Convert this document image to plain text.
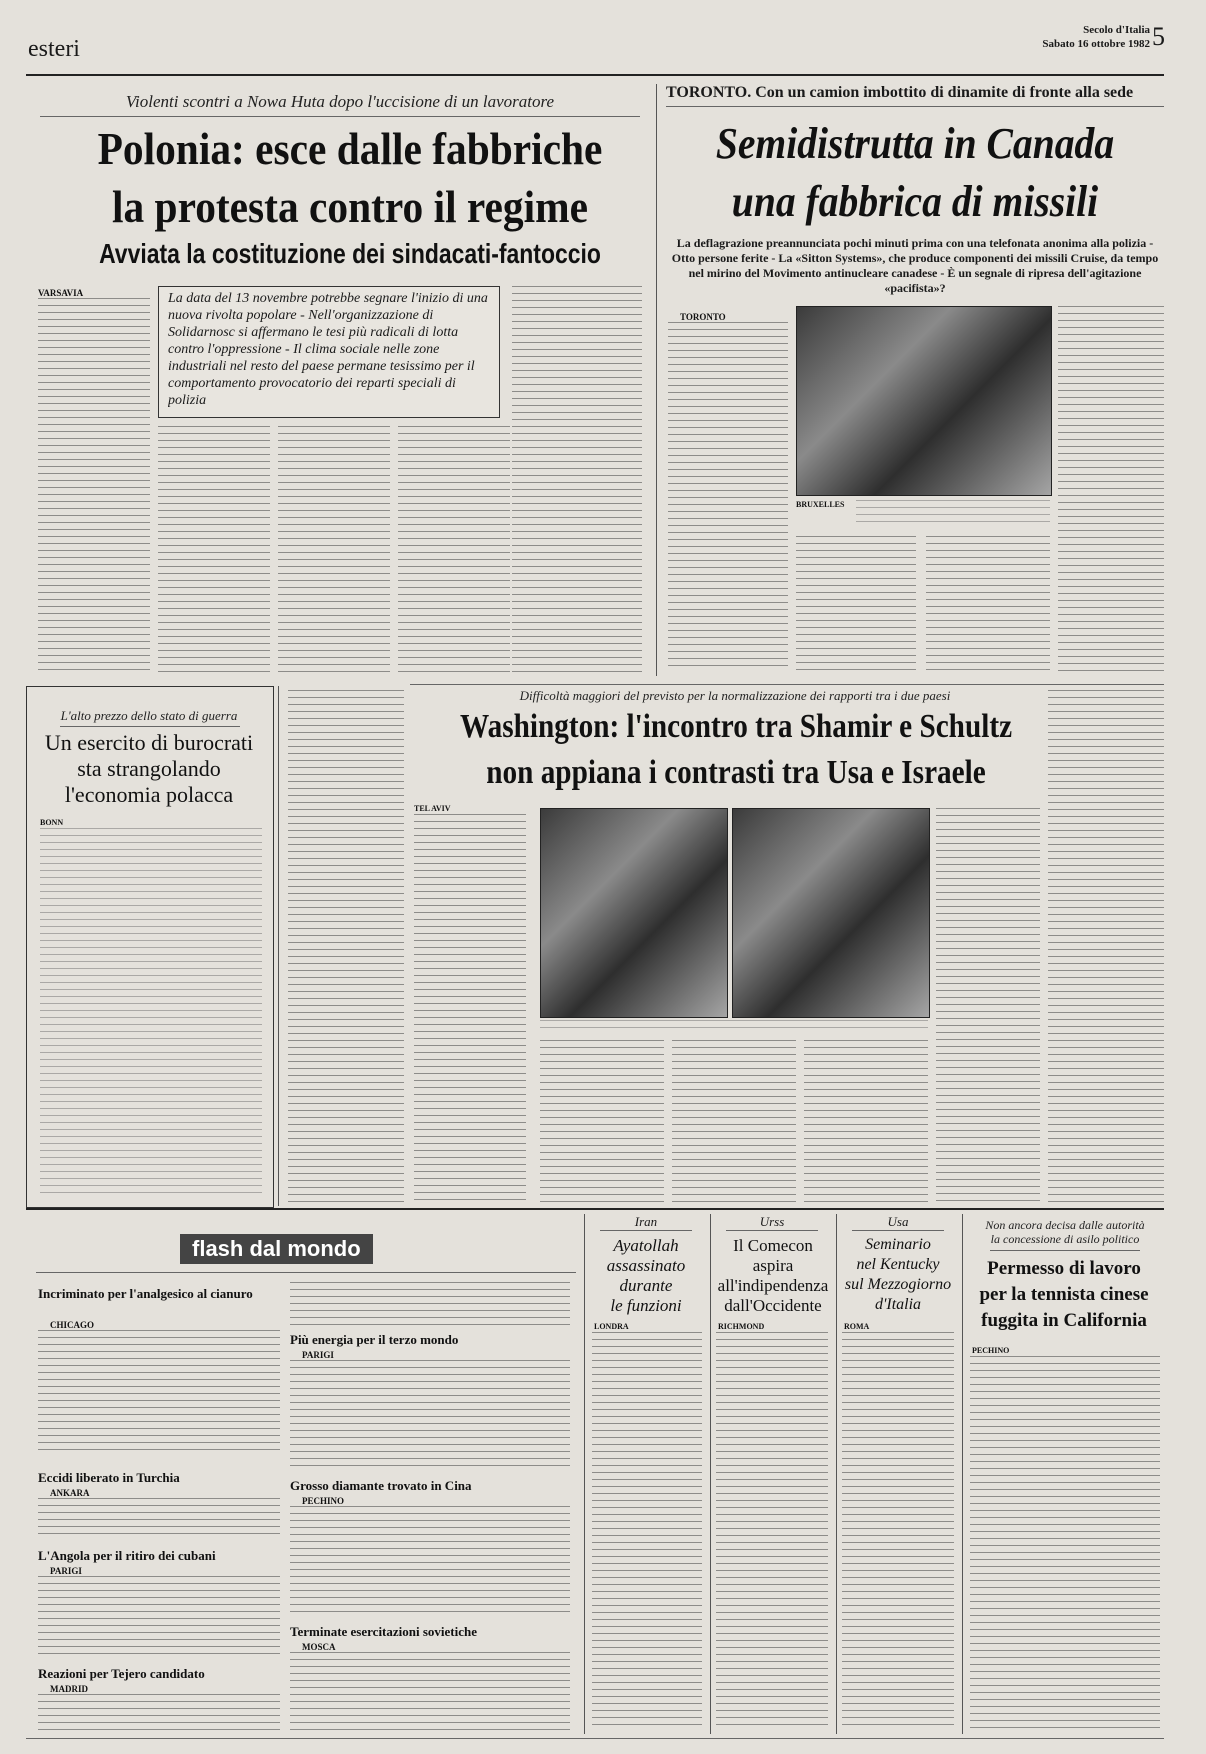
esteri
Secolo d'Italia
Sabato 16 ottobre 1982 5
Violenti scontri a Nowa Huta dopo l'uccisione di un lavoratore
Polonia: esce dalle fabbriche
la protesta contro il regime
Avviata la costituzione dei sindacati-fantoccio
VARSAVIA	La data del 13 novembre potrebbe segnare l'inizio di una nuova rivolta popolare - Nell'organizzazione di Solidarnosc si affermano le tesi più radicali di lotta contro l'oppressione - Il clima sociale nelle zone industriali nel resto del paese permane tesissimo per il comportamento provocatorio dei reparti speciali di polizia
TORONTO. Con un camion imbottito di dinamite di fronte alla sede
Semidistrutta in Canada
una fabbrica di missili
La deflagrazione preannunciata pochi minuti prima con una telefonata anonima alla polizia - Otto persone ferite - La «Sitton Systems», che produce componenti dei missili Cruise, da tempo nel mirino del Movimento antinucleare canadese - È un segnale di ripresa dell'agitazione «pacifista»?
TORONTO
BRUXELLES
L'alto prezzo dello stato di guerra
Un esercito di burocrati
sta strangolando
l'economia polacca
BONN
Difficoltà maggiori del previsto per la normalizzazione dei rapporti tra i due paesi
Washington: l'incontro tra Shamir e Schultz
non appiana i contrasti tra Usa e Israele
TEL AVIV
flash dal mondo
Incriminato per l'analgesico al cianuro
CHICAGO
Eccidi liberato in Turchia
ANKARA
L'Angola per il ritiro dei cubani
PARIGI
Reazioni per Tejero candidato
MADRID
Più energia per il terzo mondo
PARIGI
Grosso diamante trovato in Cina
PECHINO
Terminate esercitazioni sovietiche
MOSCA
Iran
Ayatollah
assassinato
durante
le funzioni
LONDRA
Urss
Il Comecon
aspira
all'indipendenza
dall'Occidente
RICHMOND
Usa
Seminario
nel Kentucky
sul Mezzogiorno
d'Italia
ROMA
Non ancora decisa dalle autorità
la concessione di asilo politico
Permesso di lavoro
per la tennista cinese
fuggita in California
PECHINO
